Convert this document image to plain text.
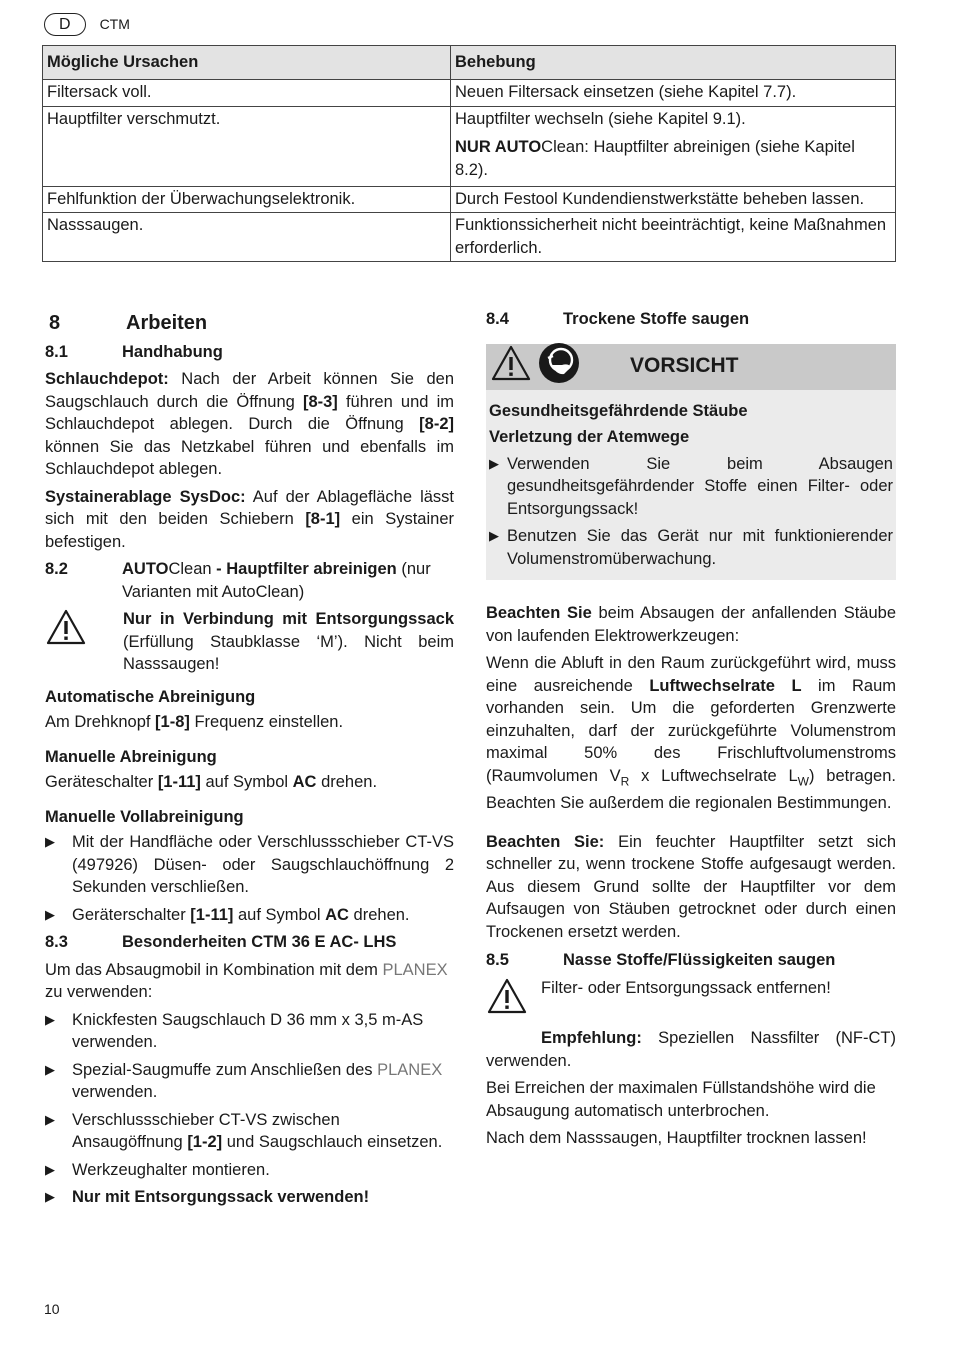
D	CTM
Mögliche Ursachen	Behebung
Filtersack voll.	Neuen Filtersack einsetzen (siehe Kapitel 7.7).
Hauptfilter verschmutzt.	Hauptfilter wechseln (siehe Kapitel 9.1).
NUR AUTOClean: Hauptfilter abreinigen (siehe Kapitel 8.2).

Fehlfunktion der Überwachungselektronik.	Durch Festool Kundendienstwerkstätte beheben lassen.
Nasssaugen.	Funktionssicherheit nicht beeinträchtigt, keine Maßnahmen erforderlich.
8	Arbeiten
8.1	Handhabung

Schlauchdepot: Nach der Arbeit können Sie den Saugschlauch durch die Öffnung [8-3] führen und im Schlauchdepot ablegen. Durch die Öffnung [8-2] können Sie das Netzkabel führen und ebenfalls im Schlauchdepot ablegen.

Systainerablage SysDoc: Auf der Ablagefläche lässt sich mit den beiden Schiebern [8-1] ein Systainer befestigen.

8.2	AUTOClean - Hauptfilter abreinigen (nur Varianten mit AutoClean)

Nur in Verbindung mit Entsorgungssack (Erfüllung Staubklasse ‘M’). Nicht beim Nasssaugen!

Automatische Abreinigung

Am Drehknopf [1-8] Frequenz einstellen.

Manuelle Abreinigung

Geräteschalter [1-11] auf Symbol AC drehen.

Manuelle Vollabreinigung
▶	Mit der Handfläche oder Verschlussschieber CT-VS (497926) Düsen- oder Saugschlauchöffnung 2 Sekunden verschließen.

▶	Geräterschalter [1-11] auf Symbol AC drehen.

8.3	Besonderheiten CTM 36 E AC- LHS

Um das Absaugmobil in Kombination mit dem PLANEX zu verwenden:

▶	Knickfesten Saugschlauch D 36 mm x 3,5 m-AS verwenden.

▶	Spezial-Saugmuffe zum Anschließen des PLANEX verwenden.

▶	Verschlussschieber CT-VS zwischen Ansaugöffnung [1-2] und Saugschlauch einsetzen.

▶	Werkzeughalter montieren.

▶	Nur mit Entsorgungssack verwenden!

8.4	Trockene Stoffe saugen
VORSICHT

Gesundheitsgefährdende Stäube

Verletzung der Atemwege

▶ Verwenden Sie beim Absaugen gesundheitsgefährdender Stoffe einen Filter- oder Entsorgungssack!

▶ Benutzen Sie das Gerät nur mit funktionierender Volumenstromüberwachung.

Beachten Sie beim Absaugen der anfallenden Stäube von laufenden Elektrowerkzeugen:

Wenn die Abluft in den Raum zurückgeführt wird, muss eine ausreichende Luftwechselrate L im Raum vorhanden sein. Um die geforderten Grenzwerte einzuhalten, darf der zurückgeführte Volumenstrom maximal 50% des Frischluftvolumenstroms (Raumvolumen $V_R$ x Luftwechselrate $L_W$) betragen. Beachten Sie außerdem die regionalen Bestimmungen.

Beachten Sie: Ein feuchter Hauptfilter setzt sich schneller zu, wenn trockene Stoffe aufgesaugt werden. Aus diesem Grund sollte der Hauptfilter vor dem Aufsaugen von Stäuben getrocknet oder durch einen Trockenen ersetzt werden.

8.5	Nasse Stoffe/Flüssigkeiten saugen

Filter- oder Entsorgungssack entfernen!

Empfehlung: Speziellen Nassfilter (NF-CT) verwenden.

Bei Erreichen der maximalen Füllstandshöhe wird die Absaugung automatisch unterbrochen.

Nach dem Nasssaugen, Hauptfilter trocknen lassen!

10
